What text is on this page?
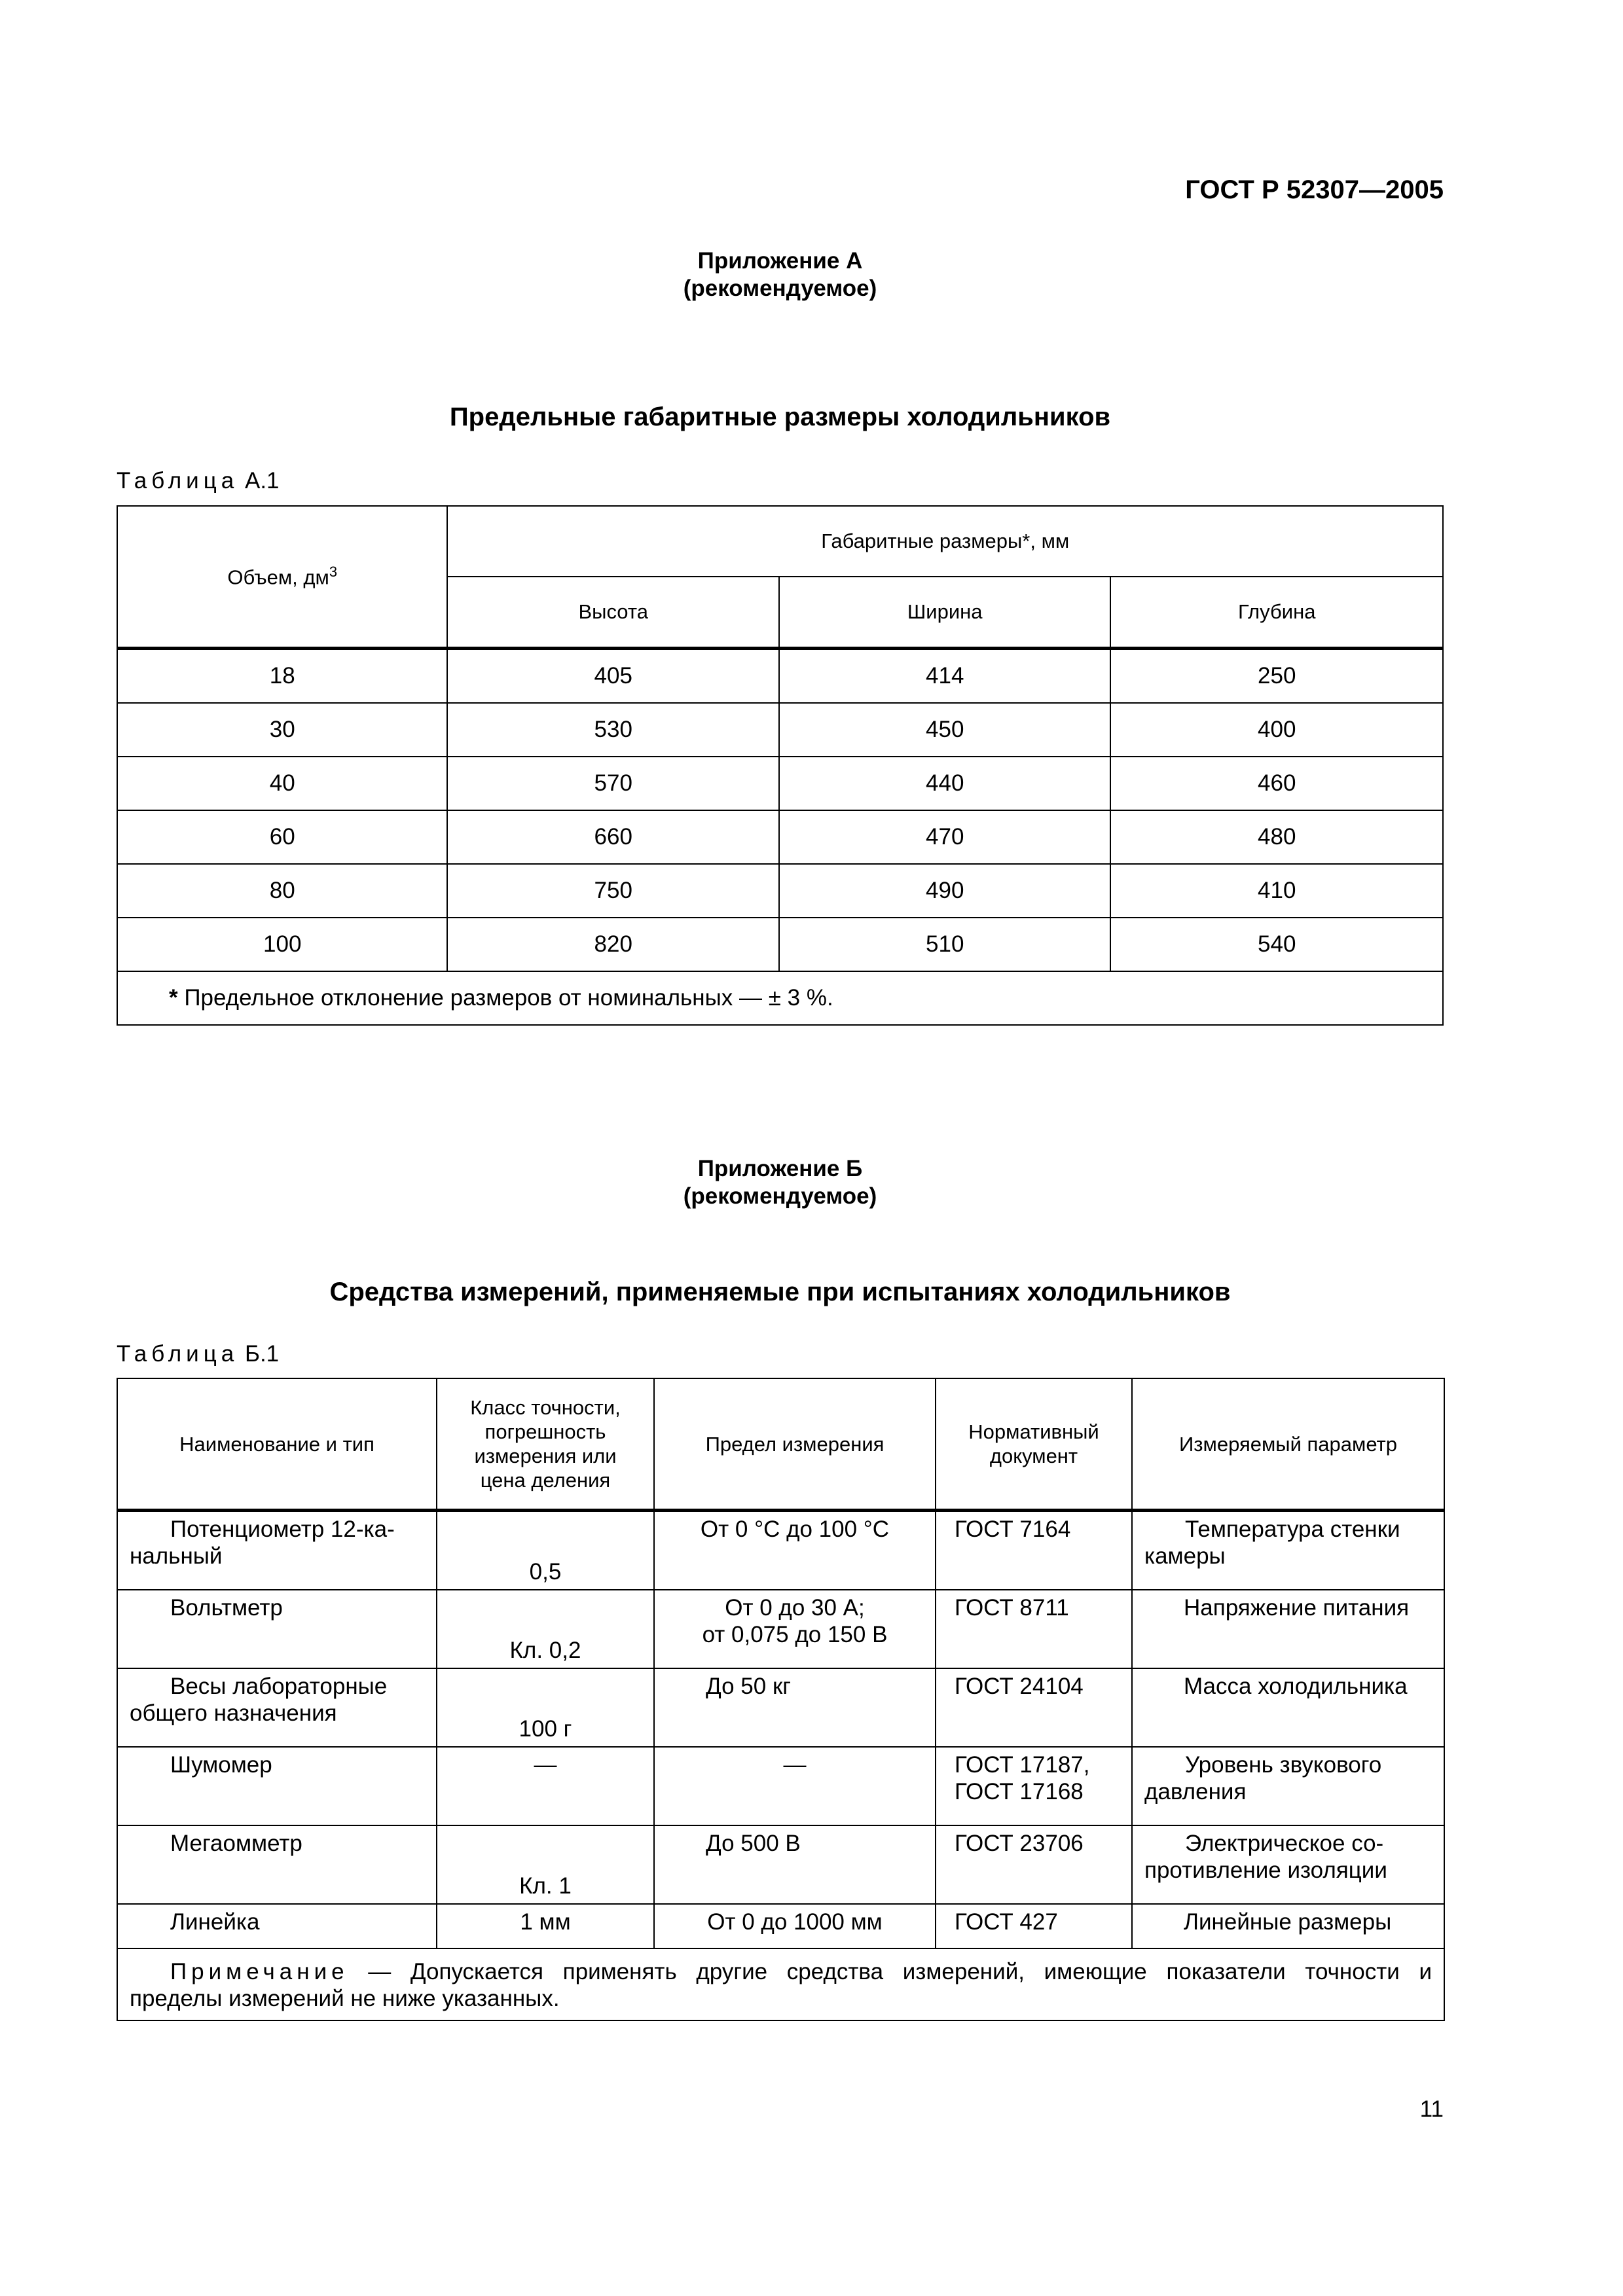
ГОСТ Р 52307—2005
Приложение А
(рекомендуемое)
Предельные габаритные размеры холодильников
Таблица А.1
Объем, $дм^3$	Габаритные размеры*, мм		
	Высота	Ширина	Глубина
18	405	414	250
30	530	450	400
40	570	440	460
60	660	470	480
80	750	490	410
100	820	510	540
* Предельное отклонение размеров от номинальных — ± 3 %.			
Приложение Б
(рекомендуемое)
Средства измерений, применяемые при испытаниях холодильников
Таблица Б.1
Наименование и тип	Класс точности,
погрешность
измерения или
цена деления	Предел измерения	Нормативный
документ	Измеряемый параметр

Потенциометр 12-ка-
нальный	0,5	От 0 °С до 100 °С	ГОСТ 7164	Температура стенки
камеры

Вольтметр	Кл. 0,2	От 0 до 30 А;
от 0,075 до 150 В	ГОСТ 8711	Напряжение питания

Весы лабораторные
общего назначения	100 г	До 50 кг	ГОСТ 24104	Масса холодильника

Шумомер	—	—	ГОСТ 17187,
ГОСТ 17168	Уровень звукового
давления

Мегаомметр	Кл. 1	До 500 В	ГОСТ 23706	Электрическое со-
противление изоляции

Линейка	1 мм	От 0 до 1000 мм	ГОСТ 427	Линейные размеры

Примечание — Допускается применять другие средства измерений, имеющие показатели точности и
пределы измерений не ниже указанных.				
11
